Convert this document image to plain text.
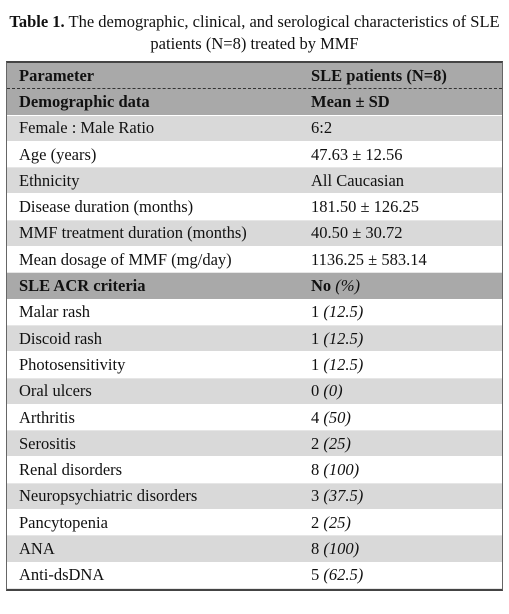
Table 1. The demographic, clinical, and serological characteristics of SLE patients (N=8) treated by MMF
Parameter	SLE patients (N=8)
Demographic data	Mean ± SD
Female : Male Ratio	6:2
Age (years)	47.63 ± 12.56
Ethnicity	All Caucasian
Disease duration (months)	181.50 ± 126.25
MMF treatment duration (months)	40.50 ± 30.72
Mean dosage of MMF (mg/day)	1136.25 ± 583.14
SLE ACR criteria	No (%)
Malar rash	1 (12.5)
Discoid rash	1 (12.5)
Photosensitivity	1 (12.5)
Oral ulcers	0 (0)
Arthritis	4 (50)
Serositis	2 (25)
Renal disorders	8 (100)
Neuropsychiatric disorders	3 (37.5)
Pancytopenia	2 (25)
ANA	8 (100)
Anti-dsDNA	5 (62.5)
